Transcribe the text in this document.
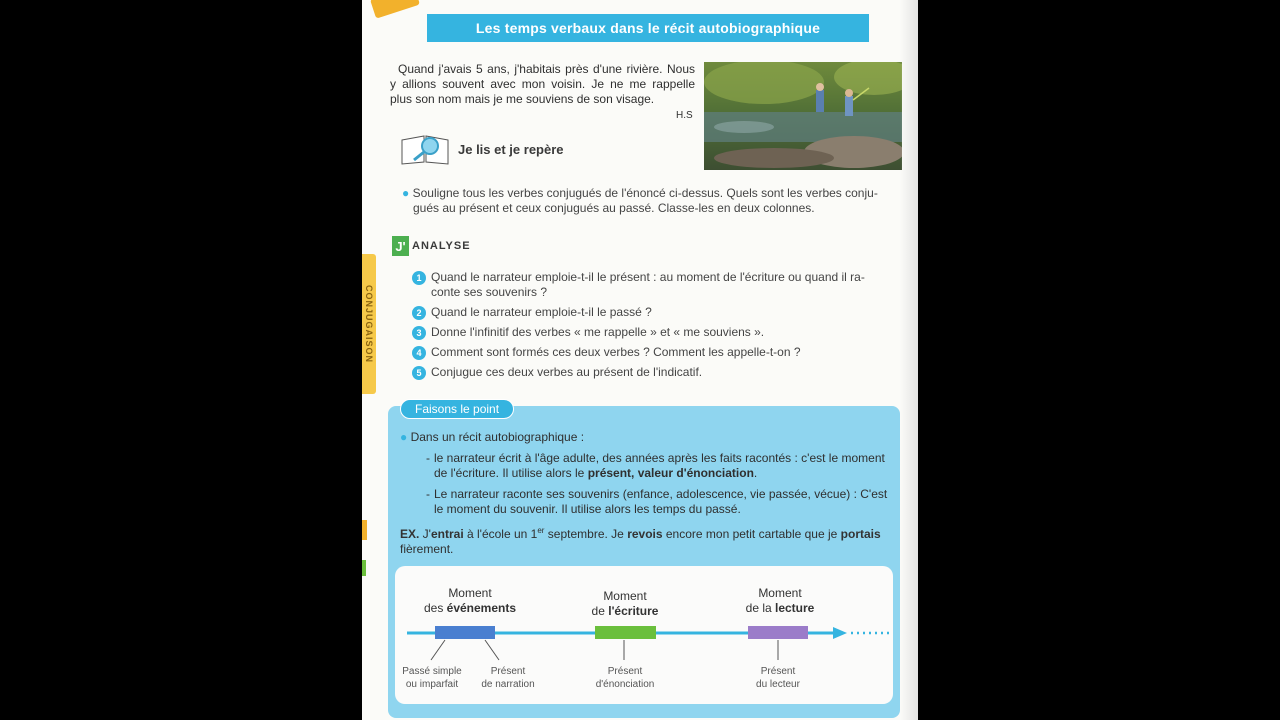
Les temps verbaux dans le récit autobiographique
Quand j'avais 5 ans, j'habitais près d'une rivière. Nous y allions souvent avec mon voisin. Je ne me rappelle plus son nom mais je me souviens de son visage.
H.S
Je lis et je repère
● Souligne tous les verbes conjugués de l'énoncé ci-dessus. Quels sont les verbes conju-
gués au présent et ceux conjugués au passé. Classe-les en deux colonnes.
CONJUGAISON
J' ANALYSE
1 Quand le narrateur emploie-t-il le présent : au moment de l'écriture ou quand il ra-
conte ses souvenirs ?
2 Quand le narrateur emploie-t-il le passé ?
3 Donne l'infinitif des verbes « me rappelle » et « me souviens ».
4 Comment sont formés ces deux verbes ? Comment les appelle-t-on ?
5 Conjugue ces deux verbes au présent de l'indicatif.
Faisons le point
● Dans un récit autobiographique :
- le narrateur écrit à l'âge adulte, des années après les faits racontés : c'est le moment de l'écriture. Il utilise alors le présent, valeur d'énonciation.
- Le narrateur raconte ses souvenirs (enfance, adolescence, vie passée, vécue) : C'est le moment du souvenir. Il utilise alors les temps du passé.
EX. J'entrai à l'école un 1er septembre. Je revois encore mon petit cartable que je portais fièrement.
Moment
des événements
Moment
de l'écriture
Moment
de la lecture
Passé simple
ou imparfait
Présent
de narration
Présent
d'énonciation
Présent
du lecteur
